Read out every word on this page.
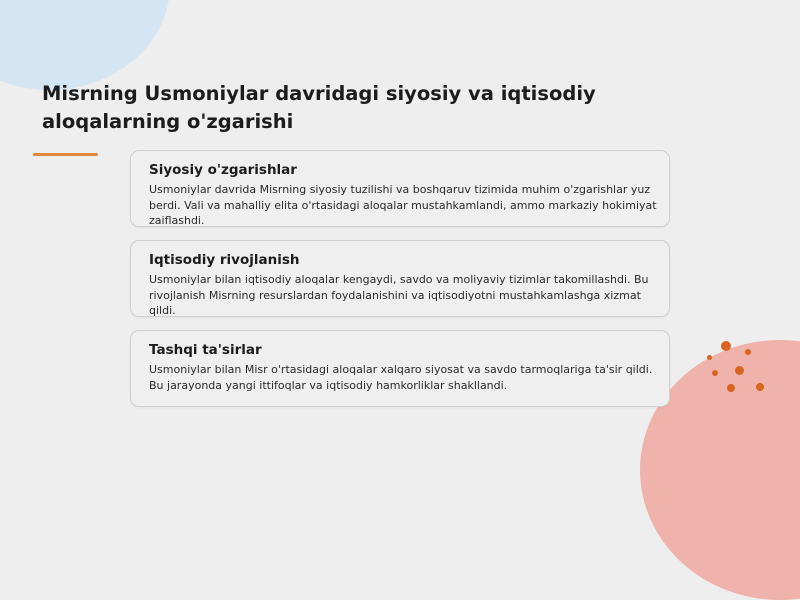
Misrning Usmoniylar davridagi siyosiy va iqtisodiy aloqalarning o'zgarishi
Siyosiy o'zgarishlar

Usmoniylar davrida Misrning siyosiy tuzilishi va boshqaruv tizimida muhim o'zgarishlar yuz berdi. Vali va mahalliy elita o'rtasidagi aloqalar mustahkamlandi, ammo markaziy hokimiyat zaiflashdi.

Iqtisodiy rivojlanish

Usmoniylar bilan iqtisodiy aloqalar kengaydi, savdo va moliyaviy tizimlar takomillashdi. Bu rivojlanish Misrning resurslardan foydalanishini va iqtisodiyotni mustahkamlashga xizmat qildi.

Tashqi ta'sirlar

Usmoniylar bilan Misr o'rtasidagi aloqalar xalqaro siyosat va savdo tarmoqlariga ta'sir qildi. Bu jarayonda yangi ittifoqlar va iqtisodiy hamkorliklar shakllandi.
